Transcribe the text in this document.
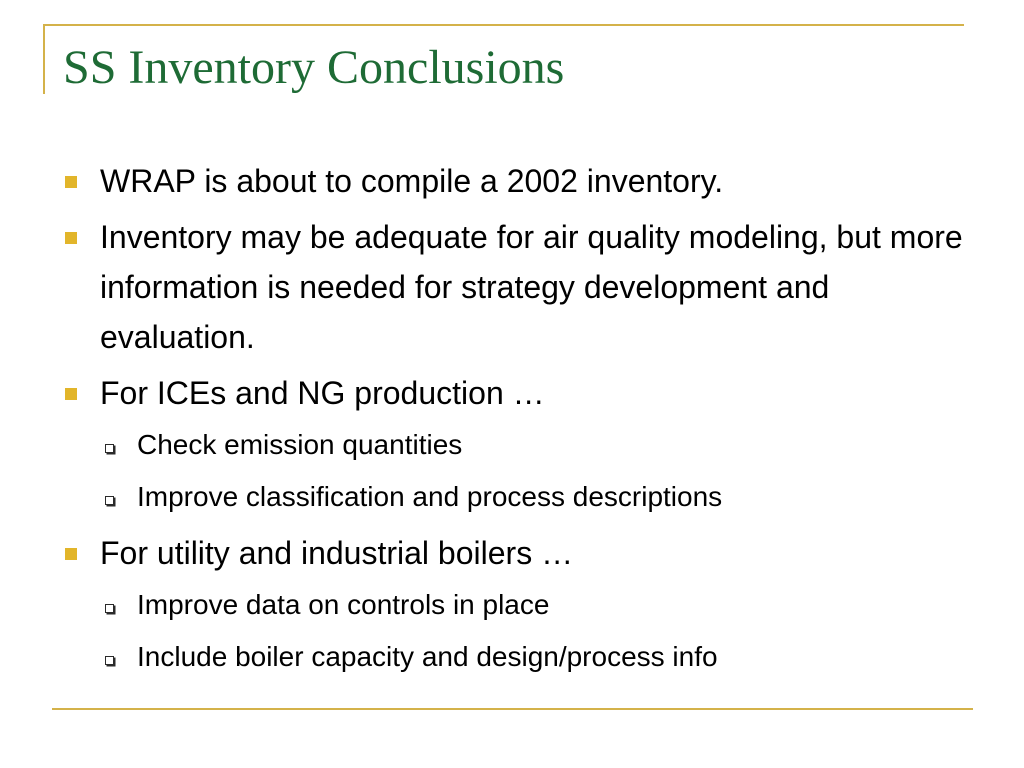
SS Inventory Conclusions
WRAP is about to compile a 2002 inventory.
Inventory may be adequate for air quality modeling, but more information is needed for strategy development and evaluation.
For ICEs and NG production …
Check emission quantities
Improve classification and process descriptions
For utility and industrial boilers …
Improve data on controls in place
Include boiler capacity and design/process info
